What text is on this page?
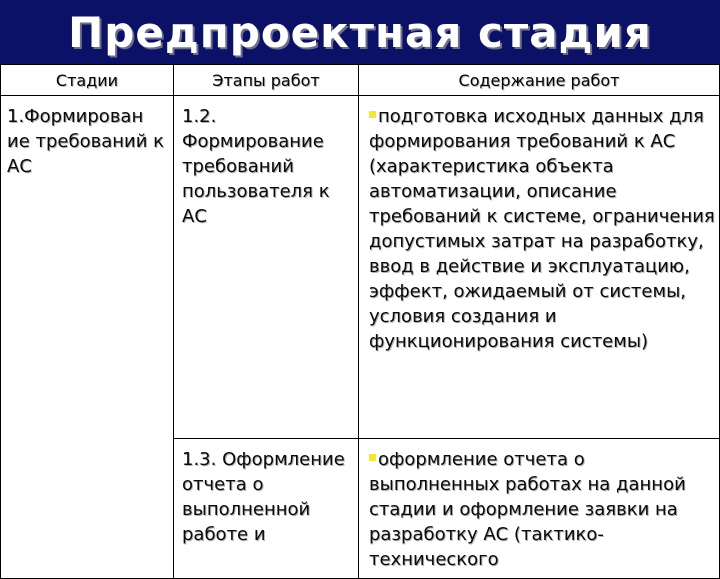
Предпроектная стадия
Стадии	Этапы работ	Содержание работ

1.Формирован ие требований к АС	1.2. Формирование требований пользователя к АС	подготовка исходных данных для формирования требований к АС (характеристика объекта автоматизации, описание требований к системе, ограничения допустимых затрат на разработку, ввод в действие и эксплуатацию, эффект, ожидаемый от системы, условия создания и функционирования системы)

	1.3. Оформление отчета о выполненной работе и	оформление отчета о выполненных работах на данной стадии и оформление заявки на разработку АС (тактико-технического
